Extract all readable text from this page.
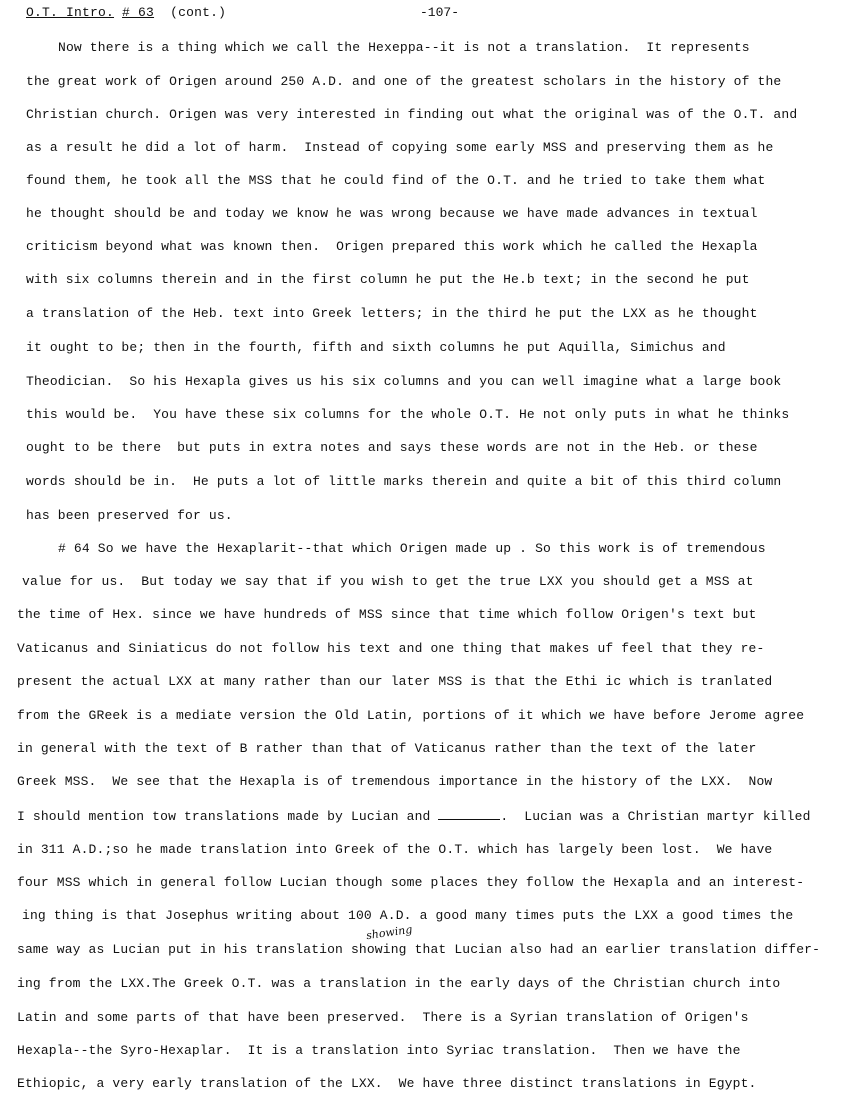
O.T. Intro. # 63 (cont.)	-107-
Now there is a thing which we call the Hexeppa--it is not a translation.  It represents
the great work of Origen around 250 A.D. and one of the greatest scholars in the history of the
Christian church. Origen was very interested in finding out what the original was of the O.T. and
as a result he did a lot of harm.  Instead of copying some early MSS and preserving them as he
found them, he took all the MSS that he could find of the O.T. and he tried to take them what
he thought should be and today we know he was wrong because we have made advances in textual
criticism beyond what was known then.  Origen prepared this work which he called the Hexapla
with six columns therein and in the first column he put the He.b text; in the second he put
a translation of the Heb. text into Greek letters; in the third he put the LXX as he thought
it ought to be; then in the fourth, fifth and sixth columns he put Aquilla, Simichus and
Theodician.  So his Hexapla gives us his six columns and you can well imagine what a large book
this would be.  You have these six columns for the whole O.T. He not only puts in what he thinks
ought to be there  but puts in extra notes and says these words are not in the Heb. or these
words should be in.  He puts a lot of little marks therein and quite a bit of this third column
has been preserved for us.
# 64 So we have the Hexaplarit--that which Origen made up . So this work is of tremendous
value for us.  But today we say that if you wish to get the true LXX you should get a MSS at
the time of Hex. since we have hundreds of MSS since that time which follow Origen's text but
Vaticanus and Siniaticus do not follow his text and one thing that makes uf feel that they re-
present the actual LXX at many rather than our later MSS is that the Ethi ic which is tranlated
from the GReek is a mediate version the Old Latin, portions of it which we have before Jerome agree
in general with the text of B rather than that of Vaticanus rather than the text of the later
Greek MSS.  We see that the Hexapla is of tremendous importance in the history of the LXX.  Now
I should mention tow translations made by Lucian and	.  Lucian was a Christian martyr killed
in 311 A.D.;so he made translation into Greek of the O.T. which has largely been lost.  We have
four MSS which in general follow Lucian though some places they follow the Hexapla and an interest-
ing thing is that Josephus writing about 100 A.D. a good many times puts the LXX a good times the
showing
same way as Lucian put in his translation showing that Lucian also had an earlier translation differ-
ing from the LXX.The Greek O.T. was a translation in the early days of the Christian church into
Latin and some parts of that have been preserved.  There is a Syrian translation of Origen's
Hexapla--the Syro-Hexaplar.  It is a translation into Syriac translation.  Then we have the
Ethiopic, a very early translation of the LXX.  We have three distinct translations in Egypt.
